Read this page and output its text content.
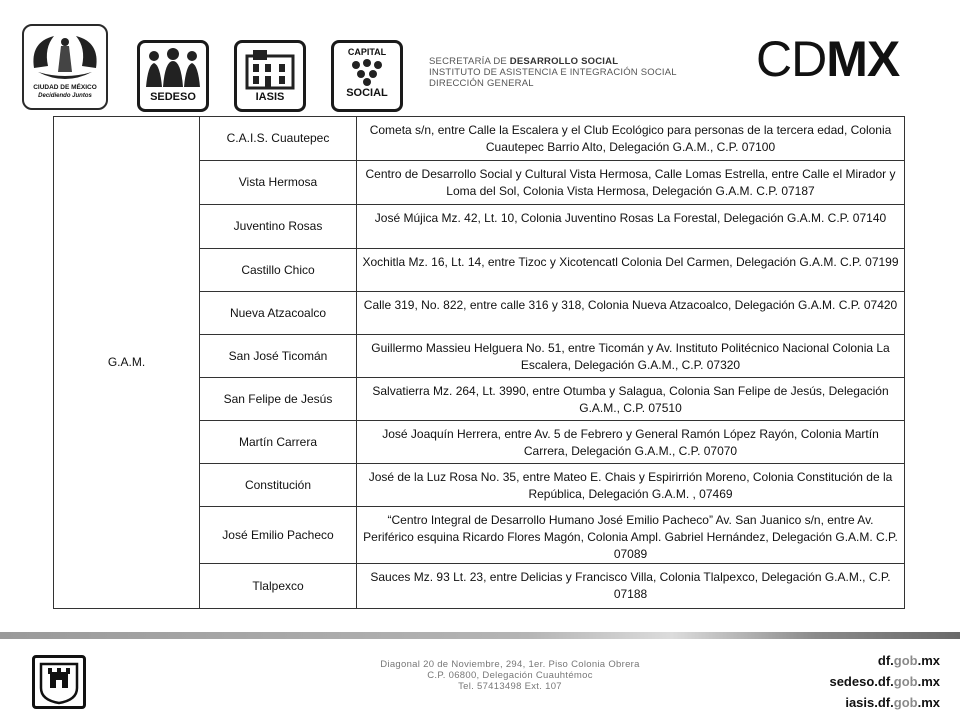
CIUDAD DE MÉXICO
Decidiendo Juntos	SEDESO	IASIS
CAPITAL
SOCIAL
SECRETARÍA DE DESARROLLO SOCIAL
INSTITUTO DE ASISTENCIA E INTEGRACIÓN SOCIAL
DIRECCIÓN GENERAL	CDMX
G.A.M.	C.A.I.S. Cuautepec	Cometa s/n, entre Calle la Escalera y el Club Ecológico para personas de la tercera edad, Colonia Cuautepec Barrio Alto, Delegación G.A.M., C.P. 07100
	Vista Hermosa	Centro de Desarrollo Social y Cultural Vista Hermosa, Calle Lomas Estrella, entre Calle el Mirador y Loma del Sol, Colonia Vista Hermosa, Delegación G.A.M. C.P. 07187
	Juventino Rosas	José Mújica Mz. 42, Lt. 10, Colonia Juventino Rosas La Forestal, Delegación G.A.M. C.P. 07140
	Castillo Chico	Xochitla Mz. 16, Lt. 14, entre Tizoc y Xicotencatl Colonia Del Carmen, Delegación G.A.M. C.P. 07199
	Nueva Atzacoalco	Calle 319, No. 822, entre calle 316 y 318, Colonia Nueva Atzacoalco, Delegación G.A.M. C.P. 07420
	San José Ticomán	Guillermo Massieu Helguera No. 51, entre Ticomán y Av. Instituto Politécnico Nacional Colonia La Escalera, Delegación G.A.M., C.P. 07320
	San Felipe de Jesús	Salvatierra Mz. 264, Lt. 3990, entre Otumba y Salagua, Colonia San Felipe de Jesús, Delegación G.A.M., C.P. 07510
	Martín Carrera	José Joaquín Herrera, entre Av. 5 de Febrero y General Ramón López Rayón, Colonia Martín Carrera, Delegación G.A.M., C.P. 07070
	Constitución	José de la Luz Rosa No. 35, entre Mateo E. Chais y Espirirrión Moreno, Colonia Constitución de la República, Delegación G.A.M. , 07469
	José Emilio Pacheco	“Centro Integral de Desarrollo Humano José Emilio Pacheco” Av. San Juanico s/n, entre Av. Periférico esquina Ricardo Flores Magón, Colonia Ampl. Gabriel Hernández, Delegación G.A.M. C.P. 07089
	Tlalpexco	Sauces Mz. 93 Lt. 23, entre Delicias y Francisco Villa, Colonia Tlalpexco, Delegación G.A.M., C.P. 07188
Diagonal 20 de Noviembre, 294, 1er. Piso Colonia Obrera
C.P. 06800, Delegación Cuauhtémoc
Tel. 57413498 Ext. 107
df.gob.mx
sedeso.df.gob.mx
iasis.df.gob.mx
